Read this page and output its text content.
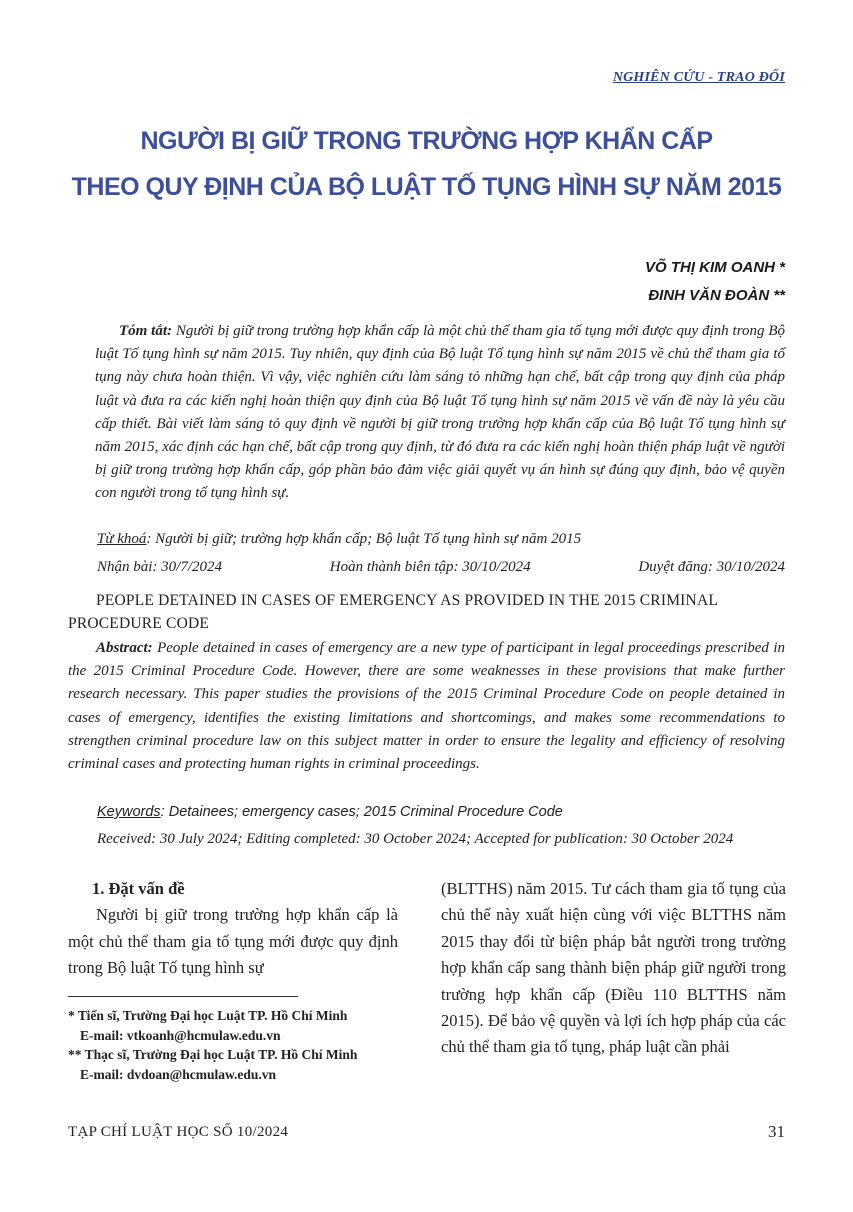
NGHIÊN CỨU - TRAO ĐỔI
NGƯỜI BỊ GIỮ TRONG TRƯỜNG HỢP KHẨN CẤP
THEO QUY ĐỊNH CỦA BỘ LUẬT TỐ TỤNG HÌNH SỰ NĂM 2015
VÕ THỊ KIM OANH *
ĐINH VĂN ĐOÀN **
Tóm tắt: Người bị giữ trong trường hợp khẩn cấp là một chủ thể tham gia tố tụng mới được quy định trong Bộ luật Tố tụng hình sự năm 2015. Tuy nhiên, quy định của Bộ luật Tố tụng hình sự năm 2015 về chủ thể tham gia tố tụng này chưa hoàn thiện. Vì vậy, việc nghiên cứu làm sáng tỏ những hạn chế, bất cập trong quy định của pháp luật và đưa ra các kiến nghị hoàn thiện quy định của Bộ luật Tố tụng hình sự năm 2015 về vấn đề này là yêu cầu cấp thiết. Bài viết làm sáng tỏ quy định về người bị giữ trong trường hợp khẩn cấp của Bộ luật Tố tụng hình sự năm 2015, xác định các hạn chế, bất cập trong quy định, từ đó đưa ra các kiến nghị hoàn thiện pháp luật về người bị giữ trong trường hợp khẩn cấp, góp phần bảo đảm việc giải quyết vụ án hình sự đúng quy định, bảo vệ quyền con người trong tố tụng hình sự.
Từ khoá: Người bị giữ; trường hợp khẩn cấp; Bộ luật Tố tụng hình sự năm 2015
Nhận bài: 30/7/2024	Hoàn thành biên tập: 30/10/2024	Duyệt đăng: 30/10/2024
PEOPLE DETAINED IN CASES OF EMERGENCY AS PROVIDED IN THE 2015 CRIMINAL PROCEDURE CODE
Abstract: People detained in cases of emergency are a new type of participant in legal proceedings prescribed in the 2015 Criminal Procedure Code. However, there are some weaknesses in these provisions that make further research necessary. This paper studies the provisions of the 2015 Criminal Procedure Code on people detained in cases of emergency, identifies the existing limitations and shortcomings, and makes some recommendations to strengthen criminal procedure law on this subject matter in order to ensure the legality and efficiency of resolving criminal cases and protecting human rights in criminal proceedings.
Keywords: Detainees; emergency cases; 2015 Criminal Procedure Code
Received: 30 July 2024; Editing completed: 30 October 2024; Accepted for publication: 30 October 2024
1. Đặt vấn đề
Người bị giữ trong trường hợp khẩn cấp là một chủ thể tham gia tố tụng mới được quy định trong Bộ luật Tố tụng hình sự
(BLTTHS) năm 2015. Tư cách tham gia tố tụng của chủ thể này xuất hiện cùng với việc BLTTHS năm 2015 thay đổi từ biện pháp bắt người trong trường hợp khẩn cấp sang thành biện pháp giữ người trong trường hợp khẩn cấp (Điều 110 BLTTHS năm 2015). Để bảo vệ quyền và lợi ích hợp pháp của các chủ thể tham gia tố tụng, pháp luật cần phải
* Tiến sĩ, Trường Đại học Luật TP. Hồ Chí Minh
E-mail: vtkoanh@hcmulaw.edu.vn
** Thạc sĩ, Trường Đại học Luật TP. Hồ Chí Minh
E-mail: dvdoan@hcmulaw.edu.vn
TẠP CHÍ LUẬT HỌC SỐ 10/2024	31
